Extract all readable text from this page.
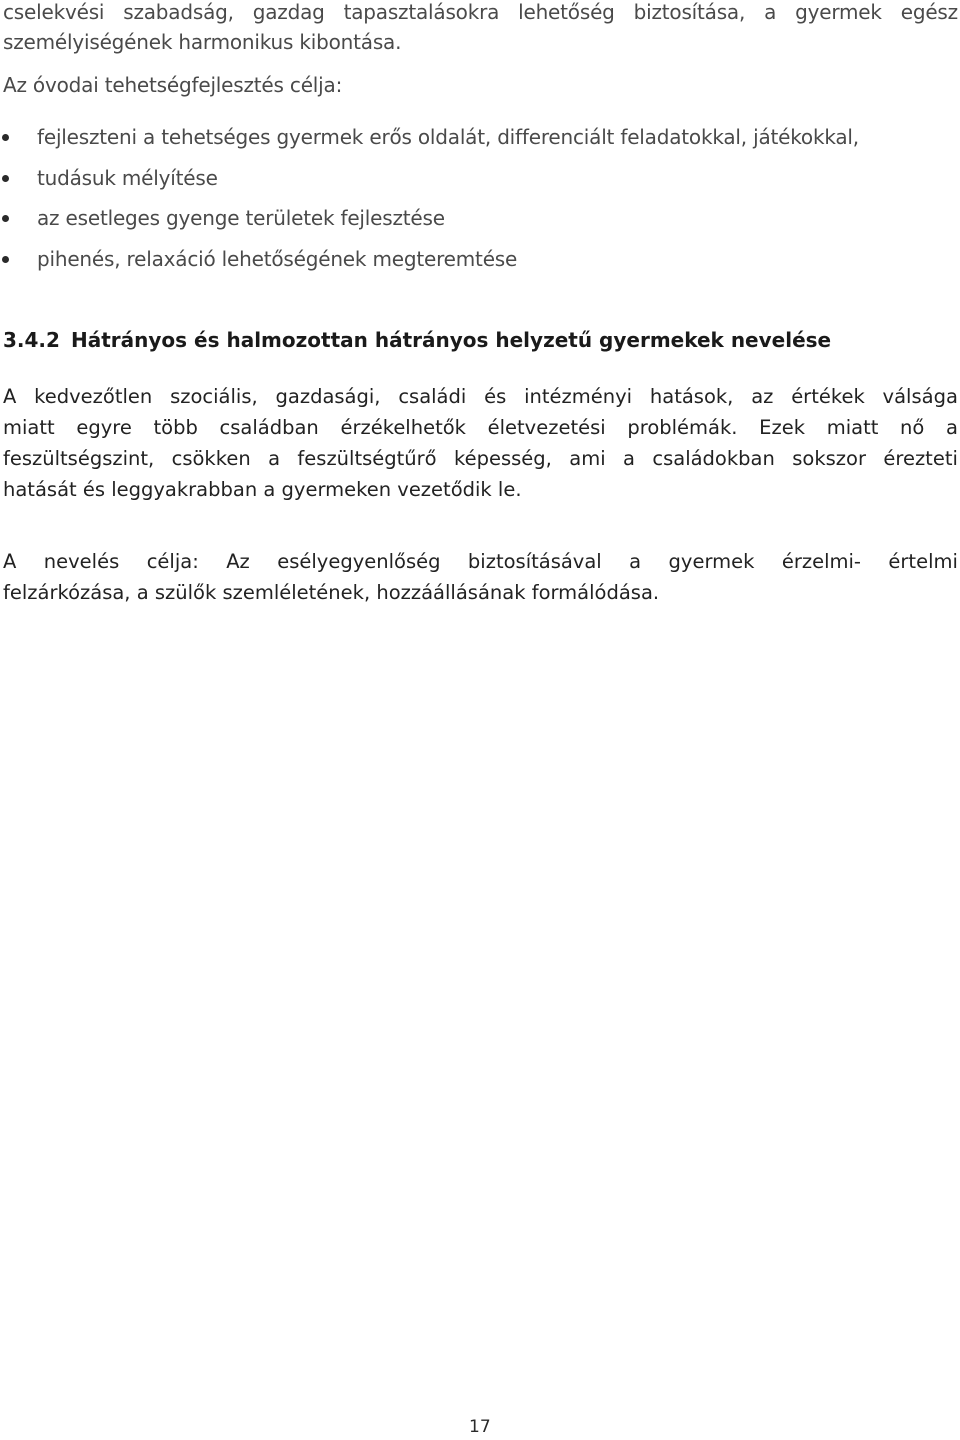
cselekvési szabadság, gazdag tapasztalásokra lehetőség biztosítása, a gyermek egész
személyiségének harmonikus kibontása.
Az óvodai tehetségfejlesztés célja:
fejleszteni a tehetséges gyermek erős oldalát, differenciált feladatokkal, játékokkal,
tudásuk mélyítése
az esetleges gyenge területek fejlesztése
pihenés, relaxáció lehetőségének megteremtése
3.4.2 Hátrányos és halmozottan hátrányos helyzetű gyermekek nevelése
A kedvezőtlen szociális, gazdasági, családi és intézményi hatások, az értékek válsága
miatt egyre több családban érzékelhetők életvezetési problémák. Ezek miatt nő a
feszültségszint, csökken a feszültségtűrő képesség, ami a családokban sokszor érezteti
hatását és leggyakrabban a gyermeken vezetődik le.
A nevelés célja: Az esélyegyenlőség biztosításával a gyermek érzelmi- értelmi
felzárkózása, a szülők szemléletének, hozzáállásának formálódása.
17
